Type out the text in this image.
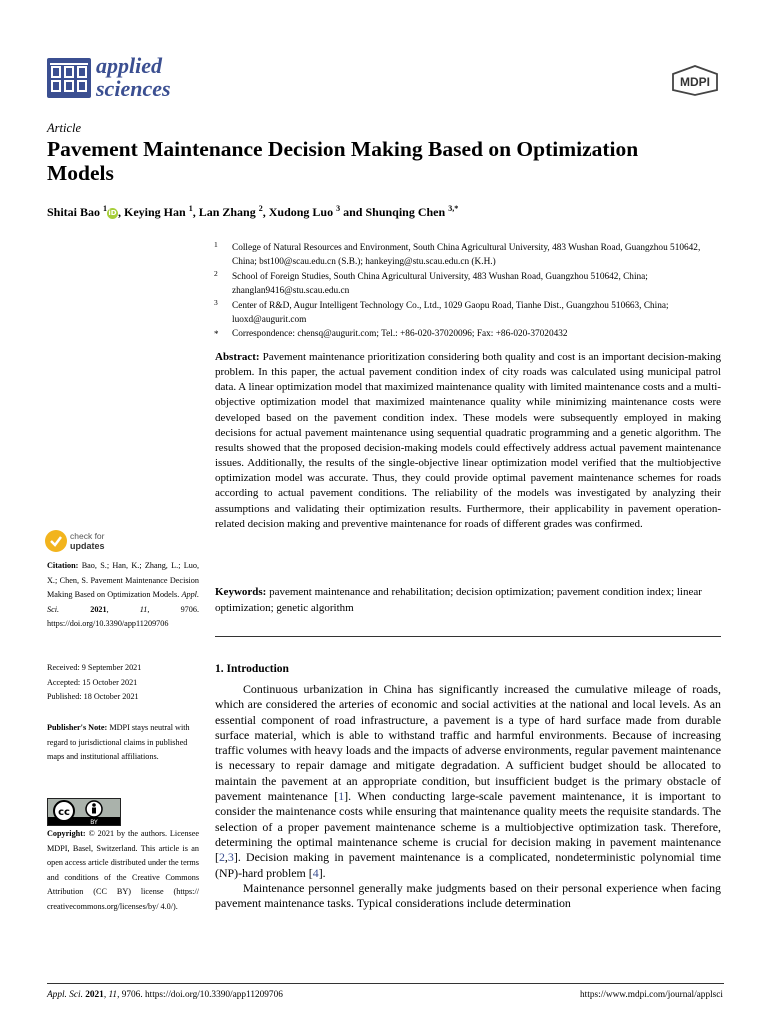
applied
sciences	MDPI
Article
Pavement Maintenance Decision Making Based on Optimization Models
Shitai Bao $^1$iD, Keying Han $^1$, Lan Zhang $^2$, Xudong Luo $^3$ and Shunqing Chen $^{3,*}$
1 College of Natural Resources and Environment, South China Agricultural University, 483 Wushan Road, Guangzhou 510642, China; bst100@scau.edu.cn (S.B.); hankeying@stu.scau.edu.cn (K.H.)
2 School of Foreign Studies, South China Agricultural University, 483 Wushan Road, Guangzhou 510642, China; zhanglan9416@stu.scau.edu.cn
3 Center of R&D, Augur Intelligent Technology Co., Ltd., 1029 Gaopu Road, Tianhe Dist., Guangzhou 510663, China; luoxd@augurit.com
* Correspondence: chensq@augurit.com; Tel.: +86-020-37020096; Fax: +86-020-37020432
Abstract: Pavement maintenance prioritization considering both quality and cost is an important decision-making problem. In this paper, the actual pavement condition index of city roads was calculated using municipal patrol data. A linear optimization model that maximized maintenance quality with limited maintenance costs and a multi-objective optimization model that maximized maintenance quality while minimizing maintenance costs were developed based on the pavement condition index. These models were subsequently employed in making decisions for actual pavement maintenance using sequential quadratic programming and a genetic algorithm. The results showed that the proposed decision-making models could effectively address actual pavement maintenance issues. Additionally, the results of the single-objective linear optimization model verified that the multiobjective optimization model was accurate. Thus, they could provide optimal pavement maintenance schemes for roads according to actual pavement conditions. The reliability of the models was investigated by analyzing their assumptions and validating their optimization results. Furthermore, their applicability in pavement operation-related decision making and preventive maintenance for roads of different grades was confirmed.
Keywords: pavement maintenance and rehabilitation; decision optimization; pavement condition index; linear optimization; genetic algorithm
1. Introduction

Continuous urbanization in China has significantly increased the cumulative mileage of roads, which are considered the arteries of economic and social activities at the national and local levels. As an essential component of road infrastructure, a pavement is a type of hard surface made from durable surface material, which is able to withstand traffic and harmful environments. Because of increasing traffic volumes with heavy loads and the impacts of adverse environments, regular pavement maintenance is necessary to repair damage and mitigate degradation. A sufficient budget should be allocated to maintain the pavement at an appropriate condition, but insufficient budget is the primary obstacle of pavement maintenance [1]. When conducting large-scale pavement maintenance, it is important to consider the maintenance costs while ensuring that maintenance quality meets the requisite standards. The selection of a proper pavement maintenance scheme is a multiobjective optimization task. Therefore, determining the optimal maintenance scheme is crucial for decision making in pavement maintenance [2,3]. Decision making in pavement maintenance is a complicated, nondeterministic polynomial time (NP)-hard problem [4].

Maintenance personnel generally make judgments based on their personal experience when facing pavement maintenance tasks. Typical considerations include determination

check for
updates
Citation: Bao, S.; Han, K.; Zhang, L.; Luo, X.; Chen, S. Pavement Maintenance Decision Making Based on Optimization Models. Appl. Sci.	2021, 11, 9706. https://doi.org/10.3390/app11209706
Received: 9 September 2021
Accepted: 15 October 2021
Published: 18 October 2021
Publisher's Note: MDPI stays neutral with regard to jurisdictional claims in published maps and institutional affiliations.
cc
BY
Copyright: © 2021 by the authors. Licensee MDPI, Basel, Switzerland. This article is an open access article distributed under the terms and conditions of the Creative Commons Attribution (CC BY) license (https:// creativecommons.org/licenses/by/ 4.0/).
Appl. Sci. 2021, 11, 9706. https://doi.org/10.3390/app11209706	https://www.mdpi.com/journal/applsci
